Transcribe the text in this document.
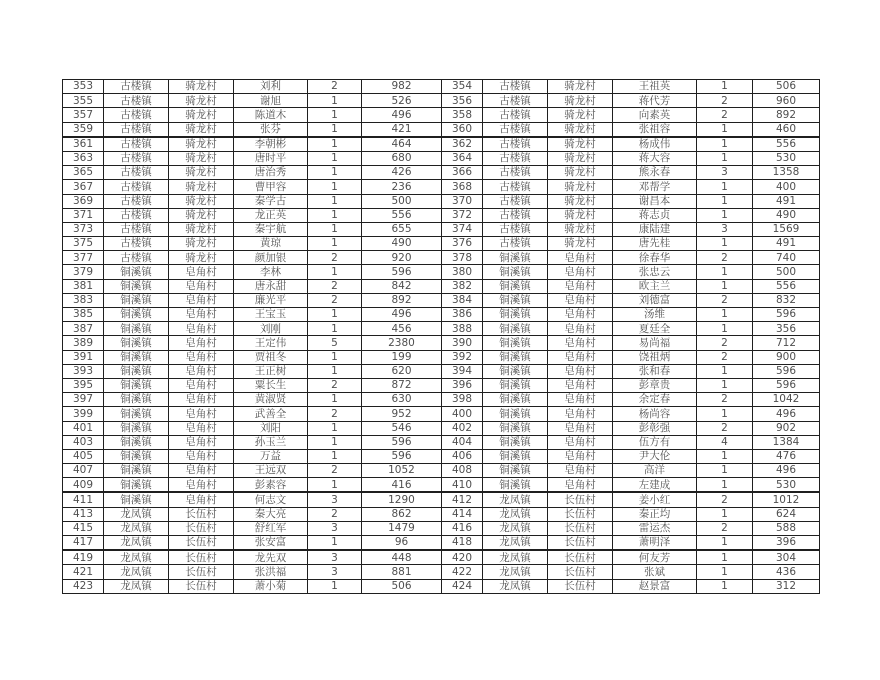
353	古楼镇	骑龙村	刘利	2	982	354	古楼镇	骑龙村	王祖英	1	506
355	古楼镇	骑龙村	谢旭	1	526	356	古楼镇	骑龙村	蒋代芳	2	960
357	古楼镇	骑龙村	陈道木	1	496	358	古楼镇	骑龙村	向素英	2	892
359	古楼镇	骑龙村	张芬	1	421	360	古楼镇	骑龙村	张祖容	1	460
361	古楼镇	骑龙村	李朝彬	1	464	362	古楼镇	骑龙村	杨成伟	1	556
363	古楼镇	骑龙村	唐时平	1	680	364	古楼镇	骑龙村	蒋大容	1	530
365	古楼镇	骑龙村	唐治秀	1	426	366	古楼镇	骑龙村	熊永春	3	1358
367	古楼镇	骑龙村	曹甲容	1	236	368	古楼镇	骑龙村	邓帮学	1	400
369	古楼镇	骑龙村	秦学古	1	500	370	古楼镇	骑龙村	谢昌本	1	491
371	古楼镇	骑龙村	龙正英	1	556	372	古楼镇	骑龙村	蒋志贞	1	490
373	古楼镇	骑龙村	秦宇航	1	655	374	古楼镇	骑龙村	康陆建	3	1569
375	古楼镇	骑龙村	黄琼	1	490	376	古楼镇	骑龙村	唐先桂	1	491
377	古楼镇	骑龙村	颜加银	2	920	378	铜溪镇	皂角村	徐春华	2	740
379	铜溪镇	皂角村	李林	1	596	380	铜溪镇	皂角村	张忠云	1	500
381	铜溪镇	皂角村	唐永甜	2	842	382	铜溪镇	皂角村	欧主兰	1	556
383	铜溪镇	皂角村	廉光平	2	892	384	铜溪镇	皂角村	刘德富	2	832
385	铜溪镇	皂角村	王宝玉	1	496	386	铜溪镇	皂角村	汤维	1	596
387	铜溪镇	皂角村	刘刚	1	456	388	铜溪镇	皂角村	夏廷全	1	356
389	铜溪镇	皂角村	王定伟	5	2380	390	铜溪镇	皂角村	易尚福	2	712
391	铜溪镇	皂角村	贾祖冬	1	199	392	铜溪镇	皂角村	饶祖炳	2	900
393	铜溪镇	皂角村	王正树	1	620	394	铜溪镇	皂角村	张和春	1	596
395	铜溪镇	皂角村	粟长生	2	872	396	铜溪镇	皂角村	彭章贵	1	596
397	铜溪镇	皂角村	黄淑贤	1	630	398	铜溪镇	皂角村	余定春	2	1042
399	铜溪镇	皂角村	武善全	2	952	400	铜溪镇	皂角村	杨尚容	1	496
401	铜溪镇	皂角村	刘阳	1	546	402	铜溪镇	皂角村	彭彰强	2	902
403	铜溪镇	皂角村	孙玉兰	1	596	404	铜溪镇	皂角村	伍方有	4	1384
405	铜溪镇	皂角村	万益	1	596	406	铜溪镇	皂角村	尹大伦	1	476
407	铜溪镇	皂角村	王远双	2	1052	408	铜溪镇	皂角村	高洋	1	496
409	铜溪镇	皂角村	彭素容	1	416	410	铜溪镇	皂角村	左建成	1	530
411	铜溪镇	皂角村	何志文	3	1290	412	龙凤镇	长伍村	姜小红	2	1012
413	龙凤镇	长伍村	秦大亮	2	862	414	龙凤镇	长伍村	秦正均	1	624
415	龙凤镇	长伍村	舒红军	3	1479	416	龙凤镇	长伍村	雷运杰	2	588
417	龙凤镇	长伍村	张安富	1	96	418	龙凤镇	长伍村	萧明泽	1	396
419	龙凤镇	长伍村	龙先双	3	448	420	龙凤镇	长伍村	何友芳	1	304
421	龙凤镇	长伍村	张洪福	3	881	422	龙凤镇	长伍村	张斌	1	436
423	龙凤镇	长伍村	萧小菊	1	506	424	龙凤镇	长伍村	赵景富	1	312
